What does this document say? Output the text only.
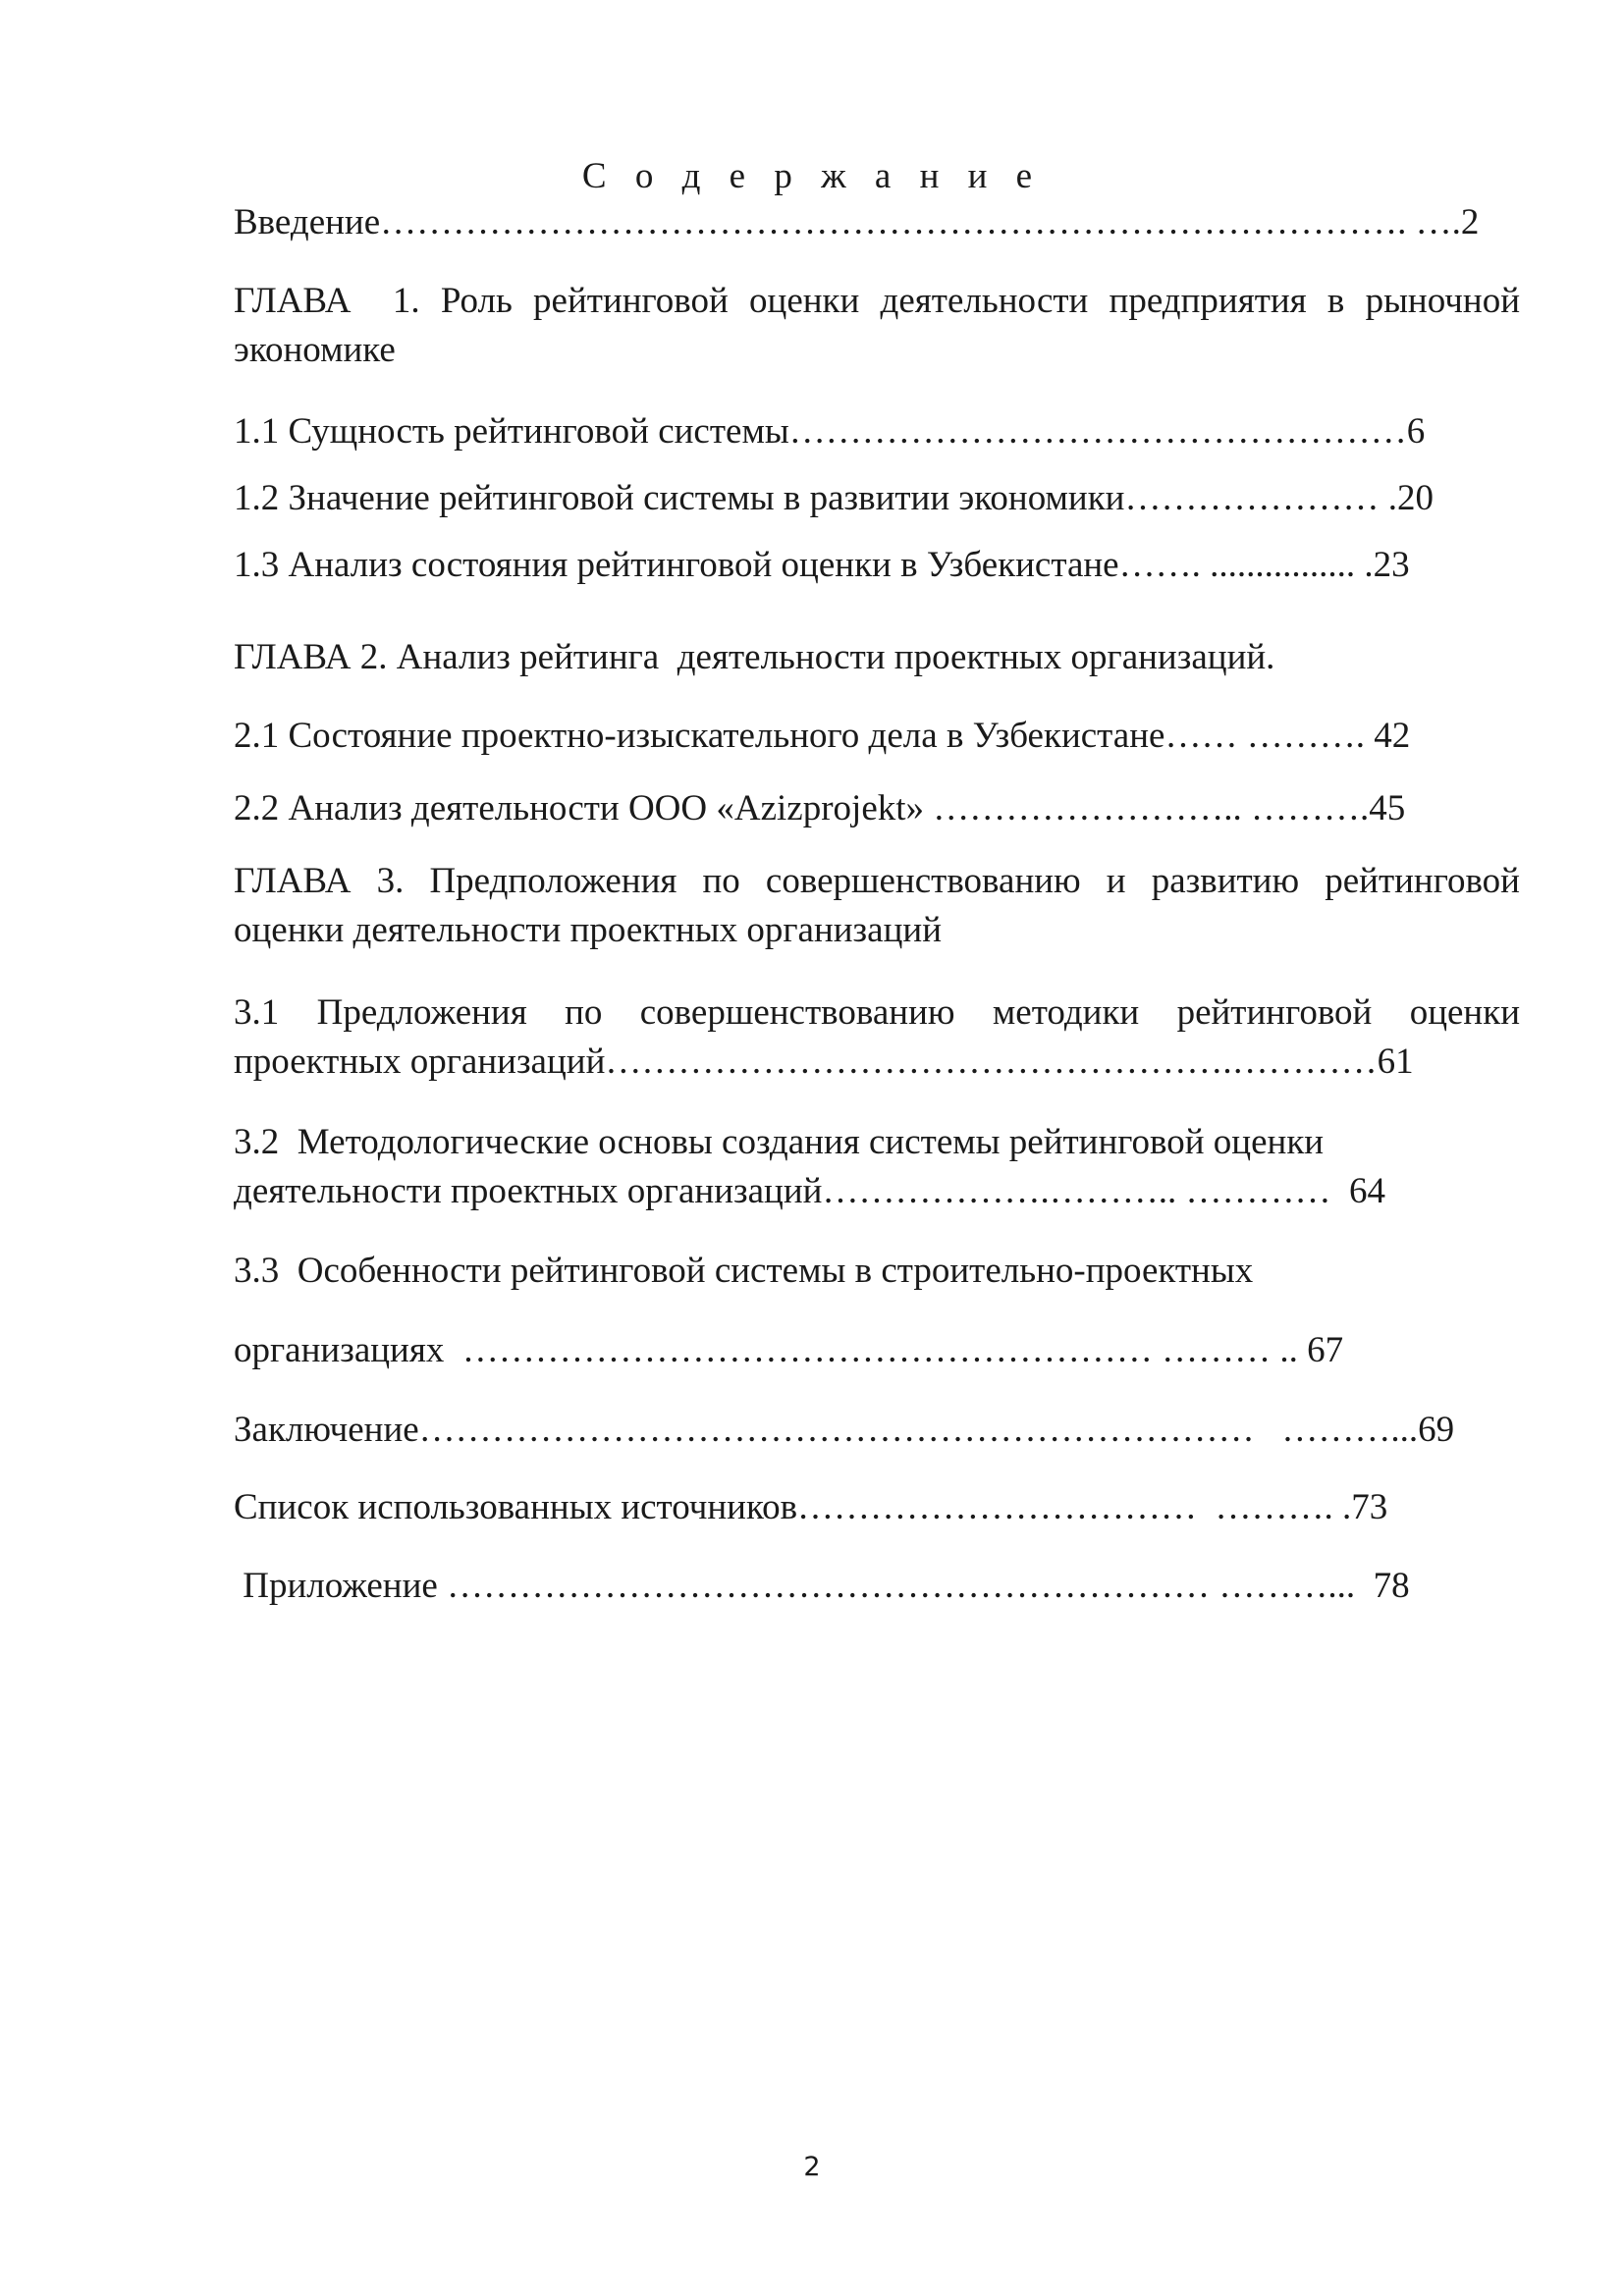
С о д е р ж а н и е
Введение…………………………………………………………………………. ….2
ГЛАВА  1. Роль рейтинговой оценки деятельности предприятия в рыночной
экономике
1.1 Сущность рейтинговой системы……………………………………………6
1.2 Значение рейтинговой системы в развитии экономики………………… .20
1.3 Анализ состояния рейтинговой оценки в Узбекистане……. ................ .23
ГЛАВА 2. Анализ рейтинга  деятельности проектных организаций.
2.1 Состояние проектно-изыскательного дела в Узбекистане…… ………. 42
2.2 Анализ деятельности ООО «Azizprojekt» …………………….. ……….45
ГЛАВА 3. Предположения по совершенствованию и развитию рейтинговой
оценки деятельности проектных организаций
3.1 Предложения по совершенствованию методики рейтинговой оценки
проектных организаций…………………………………………….…………61
3.2  Методологические основы создания системы рейтинговой оценки
деятельности проектных организаций……………….……….. …………  64
3.3  Особенности рейтинговой системы в строительно-проектных
организациях  ………………………………………………… ……… .. 67
Заключение……………………………………………………………   ………...69
Список использованных источников……………………………  ………. .73
Приложение ……………………………………………………… ………...  78
2
